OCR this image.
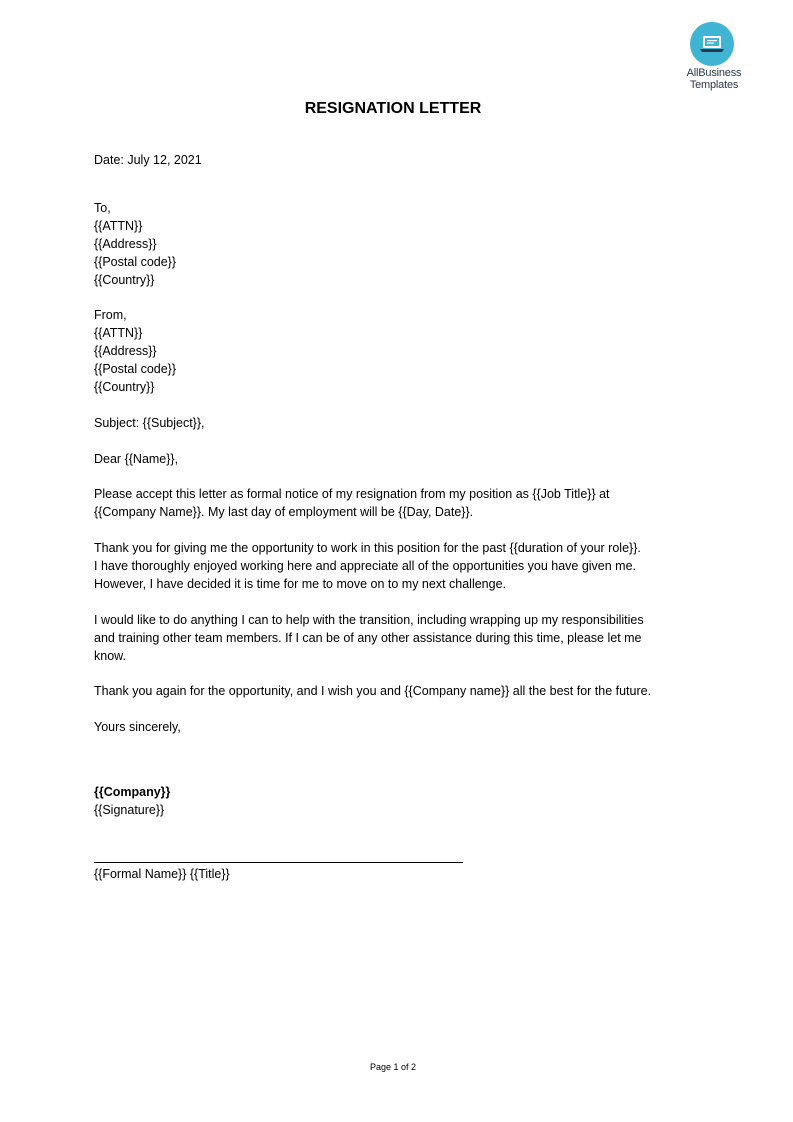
AllBusiness
Templates
RESIGNATION LETTER
Date: July 12, 2021
To,
{{ATTN}}
{{Address}}
{{Postal code}}
{{Country}}
From,
{{ATTN}}
{{Address}}
{{Postal code}}
{{Country}}
Subject: {{Subject}},
Dear {{Name}},
Please accept this letter as formal notice of my resignation from my position as {{Job Title}} at
{{Company Name}}. My last day of employment will be {{Day, Date}}.
Thank you for giving me the opportunity to work in this position for the past {{duration of your role}}.
I have thoroughly enjoyed working here and appreciate all of the opportunities you have given me.
However, I have decided it is time for me to move on to my next challenge.
I would like to do anything I can to help with the transition, including wrapping up my responsibilities
and training other team members. If I can be of any other assistance during this time, please let me
know.
Thank you again for the opportunity, and I wish you and {{Company name}} all the best for the future.
Yours sincerely,
{{Company}}
{{Signature}}
{{Formal Name}} {{Title}}
Page 1 of 2
